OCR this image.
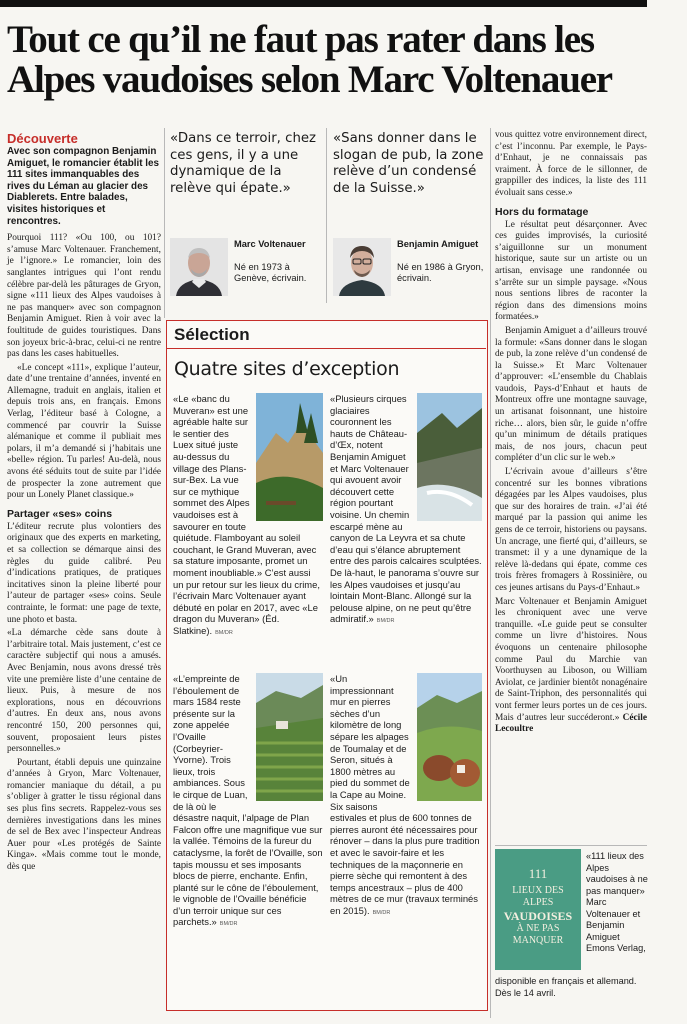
Tout ce qu’il ne faut pas rater dans les Alpes vaudoises selon Marc Voltenauer
Découverte
Avec son compagnon Benjamin Amiguet, le romancier établit les 111 sites immanquables des rives du Léman au glacier des Diablerets. Entre balades, visites historiques et rencontres.

Pourquoi 111? «Ou 100, ou 101? s’amuse Marc Voltenauer. Franchement, je l’ignore.» Le romancier, loin des sanglantes intrigues qui l’ont rendu célèbre par-delà les pâturages de Gryon, signe «111 lieux des Alpes vaudoises à ne pas manquer» avec son compagnon Benjamin Amiguet. Rien à voir avec la foultitude de guides touristiques. Dans son joyeux bric-à-brac, celui-ci ne rentre pas dans les cases habituelles.

«Le concept «111», explique l’auteur, date d’une trentaine d’années, inventé en Allemagne, traduit en anglais, italien et depuis trois ans, en français. Emons Verlag, l’éditeur basé à Cologne, a commencé par couvrir la Suisse alémanique et comme il publiait mes polars, il m’a demandé si j’habitais une «belle» région. Tu parles! Au-delà, nous avons été séduits tout de suite par l’idée de prospecter la zone autrement que pour un Lonely Planet classique.»

Partager «ses» coins

L’éditeur recrute plus volontiers des originaux que des experts en marketing, et sa collection se démarque ainsi des règles du guide calibré. Peu d’indications pratiques, de pratiques incitatives sinon la pleine liberté pour l’auteur de partager «ses» coins. Seule contrainte, le format: une page de texte, une photo et basta.

«La démarche cède sans doute à l’arbitraire total. Mais justement, c’est ce caractère subjectif qui nous a amusés. Avec Benjamin, nous avons dressé très vite une première liste d’une centaine de lieux. Puis, à mesure de nos explorations, nous en découvrions d’autres. En deux ans, nous avons rencontré 150, 200 personnes qui, souvent, proposaient leurs pistes personnelles.»

Pourtant, établi depuis une quinzaine d’années à Gryon, Marc Voltenauer, romancier maniaque du détail, a pu s’obliger à gratter le tissu régional dans ses plus fins secrets. Rappelez-vous ses dernières investigations dans les mines de sel de Bex avec l’inspecteur Andreas Auer pour «Les protégés de Sainte Kinga». «Mais comme tout le monde, dès que

«Dans ce terroir, chez ces gens, il y a une dynamique de la relève qui épate.»
«Sans donner dans le slogan de pub, la zone relève d’un condensé de la Suisse.»
Marc Voltenauer
Né en 1973 à Genève, écrivain.
Benjamin Amiguet
Né en 1986 à Gryon, écrivain.
Sélection
Quatre sites d’exception
«Le «banc du Muveran» est une agréable halte sur le sentier des Luex situé juste au-dessus du village des Plans-sur-Bex. La vue sur ce mythique sommet des Alpes vaudoises est à savourer en toute quiétude. Flamboyant au soleil couchant, le Grand Muveran, avec sa stature imposante, promet un moment inoubliable.» C’est aussi un pur retour sur les lieux du crime, l’écrivain Marc Voltenauer ayant débuté en polar en 2017, avec «Le dragon du Muveran» (Éd. Slatkine). BM/DR
«Plusieurs cirques glaciaires couronnent les hauts de Château-d’Œx, notent Benjamin Amiguet et Marc Voltenauer qui avouent avoir découvert cette région pourtant voisine. Un chemin escarpé mène au canyon de La Leyvra et sa chute d’eau qui s’élance abruptement entre des parois calcaires sculptées. De là-haut, le panorama s’ouvre sur les Alpes vaudoises et jusqu’au lointain Mont-Blanc. Allongé sur la pelouse alpine, on ne peut qu’être admiratif.» BM/DR
«L’empreinte de l’éboulement de mars 1584 reste présente sur la zone appelée l’Ovaille (Corbeyrier-Yvorne). Trois lieux, trois ambiances. Sous le cirque de Luan, de là où le désastre naquit, l’alpage de Plan Falcon offre une magnifique vue sur la vallée. Témoins de la fureur du cataclysme, la forêt de l’Ovaille, son tapis moussu et ses imposants blocs de pierre, enchante. Enfin, planté sur le cône de l’éboulement, le vignoble de l’Ovaille bénéficie d’un terroir unique sur ces parchets.» BM/DR
«Un impressionnant mur en pierres sèches d’un kilomètre de long sépare les alpages de Toumalay et de Seron, situés à 1800 mètres au pied du sommet de la Cape au Moine. Six saisons estivales et plus de 600 tonnes de pierres auront été nécessaires pour rénover – dans la plus pure tradition et avec le savoir-faire et les techniques de la maçonnerie en pierre sèche qui remontent à des temps ancestraux – plus de 400 mètres de ce mur (travaux terminés en 2015). BM/DR

vous quittez votre environnement direct, c’est l’inconnu. Par exemple, le Pays-d’Enhaut, je ne connaissais pas vraiment. À force de le sillonner, de grappiller des indices, la liste des 111 évoluait sans cesse.»

Hors du formatage

Le résultat peut désarçonner. Avec ces guides improvisés, la curiosité s’aiguillonne sur un monument historique, saute sur un artiste ou un artisan, envisage une randonnée ou s’arrête sur un simple paysage. «Nous nous sentions libres de raconter la région dans des dimensions moins formatées.»

Benjamin Amiguet a d’ailleurs trouvé la formule: «Sans donner dans le slogan de pub, la zone relève d’un condensé de la Suisse.» Et Marc Voltenauer d’approuver: «L’ensemble du Chablais vaudois, Pays-d’Enhaut et hauts de Montreux offre une montagne sauvage, un artisanat foisonnant, une histoire riche… alors, bien sûr, le guide n’offre qu’un minimum de détails pratiques mais, de nos jours, chacun peut compléter d’un clic sur le web.»

L’écrivain avoue d’ailleurs s’être concentré sur les bonnes vibrations dégagées par les Alpes vaudoises, plus que sur des horaires de train. «J’ai été marqué par la passion qui anime les gens de ce terroir, historiens ou paysans. Un ancrage, une fierté qui, d’ailleurs, se transmet: il y a une dynamique de la relève là-dedans qui épate, comme ces trois frères fromagers à Rossinière, ou ces jeunes artisans du Pays-d’Enhaut.»

Marc Voltenauer et Benjamin Amiguet les chroniquent avec une verve tranquille. «Le guide peut se consulter comme un livre d’histoires. Nous évoquons un centenaire philosophe comme Paul du Marchie van Voorthuysen au Liboson, ou William Aviolat, ce jardinier bientôt nonagénaire de Saint-Triphon, des personnalités qui vont fermer leurs portes un de ces jours. Mais d’autres leur succéderont.» Cécile Lecoultre

111
LIEUX DES ALPES
VAUDOISES
À NE PAS
MANQUER
«111 lieux des Alpes vaudoises à ne pas manquer» Marc Voltenauer et Benjamin Amiguet Emons Verlag,
disponible en français et allemand. Dès le 14 avril.
